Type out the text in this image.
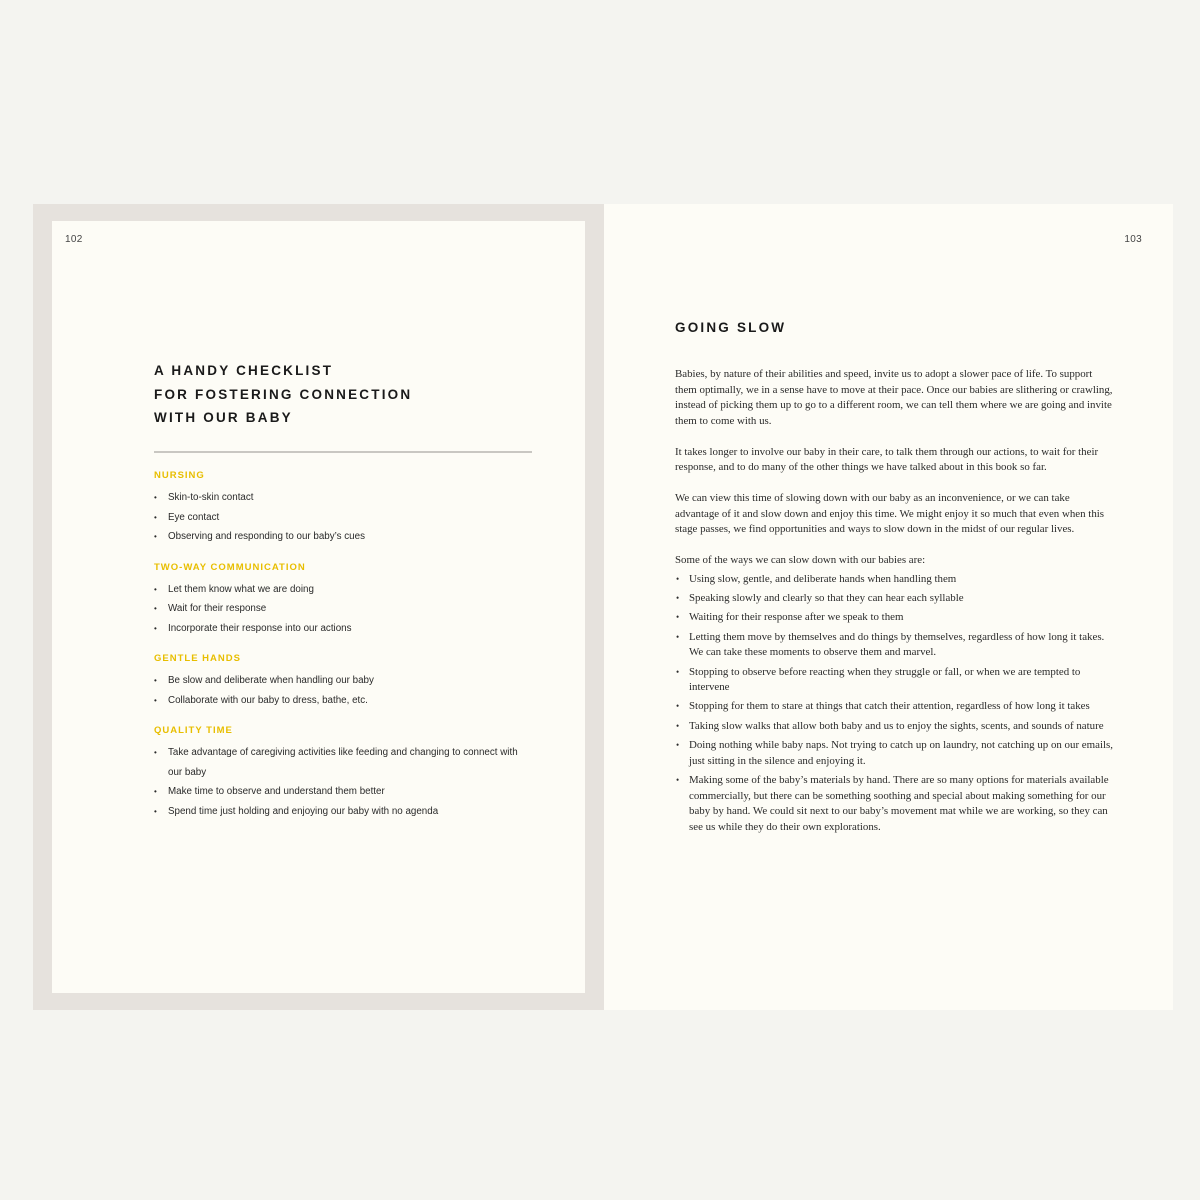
102
A HANDY CHECKLIST
FOR FOSTERING CONNECTION
WITH OUR BABY
NURSING
• Skin-to-skin contact
• Eye contact
• Observing and responding to our baby’s cues
TWO-WAY COMMUNICATION
• Let them know what we are doing
• Wait for their response
• Incorporate their response into our actions
GENTLE HANDS
• Be slow and deliberate when handling our baby
• Collaborate with our baby to dress, bathe, etc.
QUALITY TIME
• Take advantage of caregiving activities like feeding and changing to connect with our baby
• Make time to observe and understand them better
• Spend time just holding and enjoying our baby with no agenda
103
GOING SLOW

Babies, by nature of their abilities and speed, invite us to adopt a slower pace of life. To support them optimally, we in a sense have to move at their pace. Once our babies are slithering or crawling, instead of picking them up to go to a different room, we can tell them where we are going and invite them to come with us.

It takes longer to involve our baby in their care, to talk them through our actions, to wait for their response, and to do many of the other things we have talked about in this book so far.

We can view this time of slowing down with our baby as an inconvenience, or we can take advantage of it and slow down and enjoy this time. We might enjoy it so much that even when this stage passes, we find opportunities and ways to slow down in the midst of our regular lives.

Some of the ways we can slow down with our babies are:

• Using slow, gentle, and deliberate hands when handling them
• Speaking slowly and clearly so that they can hear each syllable
• Waiting for their response after we speak to them
• Letting them move by themselves and do things by themselves, regardless of how long it takes. We can take these moments to observe them and marvel.
• Stopping to observe before reacting when they struggle or fall, or when we are tempted to intervene
• Stopping for them to stare at things that catch their attention, regardless of how long it takes
• Taking slow walks that allow both baby and us to enjoy the sights, scents, and sounds of nature
• Doing nothing while baby naps. Not trying to catch up on laundry, not catching up on our emails, just sitting in the silence and enjoying it.
• Making some of the baby’s materials by hand. There are so many options for materials available commercially, but there can be something soothing and special about making something for our baby by hand. We could sit next to our baby’s movement mat while we are working, so they can see us while they do their own explorations.
